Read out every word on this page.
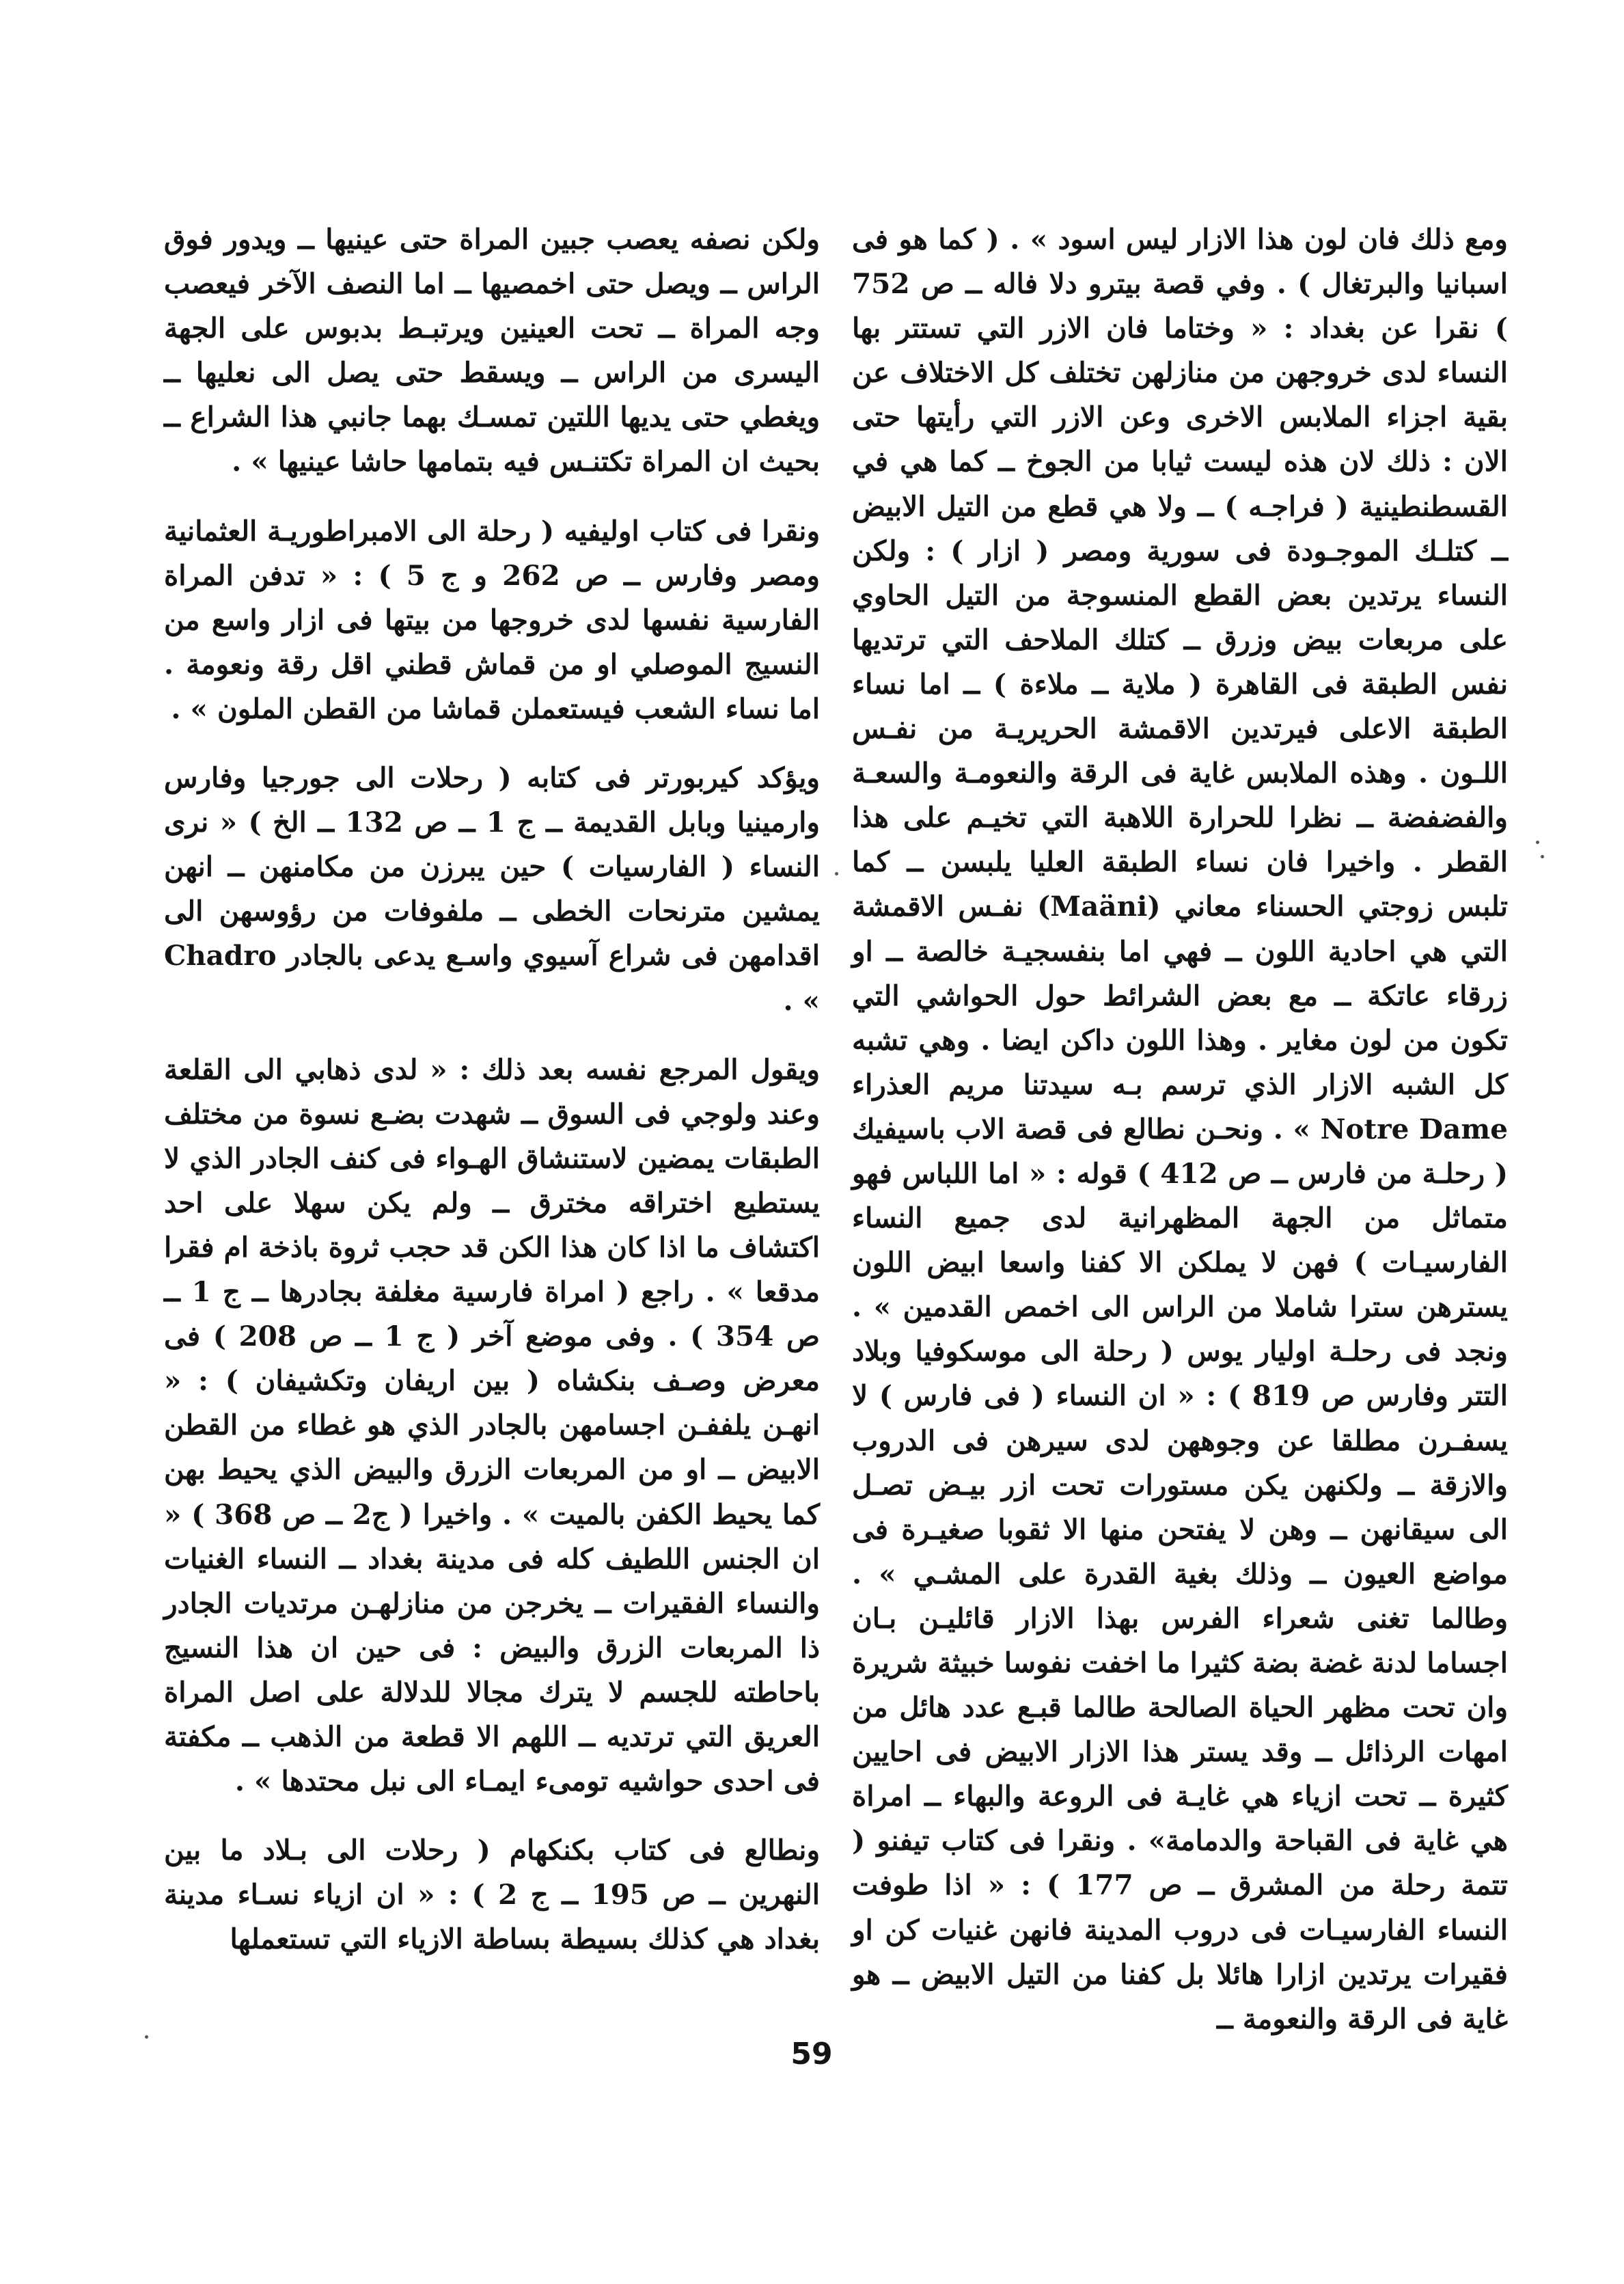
ومع ذلك فان لون هذا الازار ليس اسود » . ( كما هو فى اسبانيا والبرتغال ) . وفي قصة بيترو دلا فاله ــ ص 752 ) نقرا عن بغداد : « وختاما فان الازر التي تستتر بها النساء لدى خروجهن من منازلهن تختلف كل الاختلاف عن بقية اجزاء الملابس الاخرى وعن الازر التي رأيتها حتى الان : ذلك لان هذه ليست ثيابا من الجوخ ــ كما هي في القسطنطينية ( فراجـه ) ــ ولا هي قطع من التيل الابيض ــ كتلـك الموجـودة فى سورية ومصر ( ازار ) : ولكن النساء يرتدين بعض القطع المنسوجة من التيل الحاوي على مربعات بيض وزرق ــ كتلك الملاحف التي ترتديها نفس الطبقة فى القاهرة ( ملاية ــ ملاءة ) ــ اما نساء الطبقة الاعلى فيرتدين الاقمشة الحريريـة من نفـس اللـون . وهذه الملابس غاية فى الرقة والنعومـة والسعـة والفضفضة ــ نظرا للحرارة اللاهبة التي تخيـم على هذا القطر . واخيرا فان نساء الطبقة العليا يلبسن ــ كما تلبس زوجتي الحسناء معاني (Maäni) نفـس الاقمشة التي هي احادية اللون ــ فهي اما بنفسجيـة خالصة ــ او زرقاء عاتكة ــ مع بعض الشرائط حول الحواشي التي تكون من لون مغاير . وهذا اللون داكن ايضا . وهي تشبه كل الشبه الازار الذي ترسم بـه سيدتنا مريم العذراء Notre Dame » . ونحـن نطالع فى قصة الاب باسيفيك ( رحلـة من فارس ــ ص 412 ) قوله : « اما اللباس فهو متماثل من الجهة المظهرانية لدى جميع النساء الفارسيـات ) فهن لا يملكن الا كفنا واسعا ابيض اللون يسترهن سترا شاملا من الراس الى اخمص القدمين » . ونجد فى رحلـة اوليار يوس ( رحلة الى موسكوفيا وبلاد التتر وفارس ص 819 ) : « ان النساء ( فى فارس ) لا يسفـرن مطلقا عن وجوههن لدى سيرهن فى الدروب والازقة ــ ولكنهن يكن مستورات تحت ازر بيـض تصـل الى سيقانهن ــ وهن لا يفتحن منها الا ثقوبا صغيـرة فى مواضع العيون ــ وذلك بغية القدرة على المشـي » . وطالما تغنى شعراء الفرس بهذا الازار قائليـن بـان اجساما لدنة غضة بضة كثيرا ما اخفت نفوسا خبيثة شريرة وان تحت مظهر الحياة الصالحة طالما قبـع عدد هائل من امهات الرذائل ــ وقد يستر هذا الازار الابيض فى احايين كثيرة ــ تحت ازياء هي غايـة فى الروعة والبهاء ــ امراة هي غاية فى القباحة والدمامة» . ونقرا فى كتاب تيفنو ( تتمة رحلة من المشرق ــ ص 177 ) : « اذا طوفت النساء الفارسيـات فى دروب المدينة فانهن غنيات كن او فقيرات يرتدين ازارا هائلا بل كفنا من التيل الابيض ــ هو غاية فى الرقة والنعومة ــ

ولكن نصفه يعصب جبين المراة حتى عينيها ــ ويدور فوق الراس ــ ويصل حتى اخمصيها ــ اما النصف الآخر فيعصب وجه المراة ــ تحت العينين ويرتبـط بدبوس على الجهة اليسرى من الراس ــ ويسقط حتى يصل الى نعليها ــ ويغطي حتى يديها اللتين تمسـك بهما جانبي هذا الشراع ــ بحيث ان المراة تكتنـس فيه بتمامها حاشا عينيها » .

ونقرا فى كتاب اوليفيه ( رحلة الى الامبراطوريـة العثمانية ومصر وفارس ــ ص 262 و ج 5 ) : « تدفن المراة الفارسية نفسها لدى خروجها من بيتها فى ازار واسع من النسيج الموصلي او من قماش قطني اقل رقة ونعومة . اما نساء الشعب فيستعملن قماشا من القطن الملون » .

ويؤكد كيربورتر فى كتابه ( رحلات الى جورجيا وفارس وارمينيا وبابل القديمة ــ ج 1 ــ ص 132 ــ الخ ) « نرى النساء ( الفارسيات ) حين يبرزن من مكامنهن ــ انهن يمشين مترنحات الخطى ــ ملفوفات من رؤوسهن الى اقدامهن فى شراع آسيوي واسـع يدعى بالجادر Chadro » .

ويقول المرجع نفسه بعد ذلك : « لدى ذهابي الى القلعة وعند ولوجي فى السوق ــ شهدت بضـع نسوة من مختلف الطبقات يمضين لاستنشاق الهـواء فى كنف الجادر الذي لا يستطيع اختراقه مخترق ــ ولم يكن سهلا على احد اكتشاف ما اذا كان هذا الكن قد حجب ثروة باذخة ام فقرا مدقعا » . راجع ( امراة فارسية مغلفة بجادرها ــ ج 1 ــ ص 354 ) . وفى موضع آخر ( ج 1 ــ ص 208 ) فى معرض وصـف بنكشاه ( بين اريفان وتكشيفان ) : « انهـن يلففـن اجسامهن بالجادر الذي هو غطاء من القطن الابيض ــ او من المربعات الزرق والبيض الذي يحيط بهن كما يحيط الكفن بالميت » . واخيرا ( ج2 ــ ص 368 ) « ان الجنس اللطيف كله فى مدينة بغداد ــ النساء الغنيات والنساء الفقيرات ــ يخرجن من منازلهـن مرتديات الجادر ذا المربعات الزرق والبيض : فى حين ان هذا النسيج باحاطته للجسم لا يترك مجالا للدلالة على اصل المراة العريق التي ترتديه ــ اللهم الا قطعة من الذهب ــ مكفتة فى احدى حواشيه تومىء ايمـاء الى نبل محتدها » .

ونطالع فى كتاب بكنكهام ( رحلات الى بـلاد ما بين النهرين ــ ص 195 ــ ج 2 ) : « ان ازياء نسـاء مدينة بغداد هي كذلك بسيطة بساطة الازياء التي تستعملها

59
